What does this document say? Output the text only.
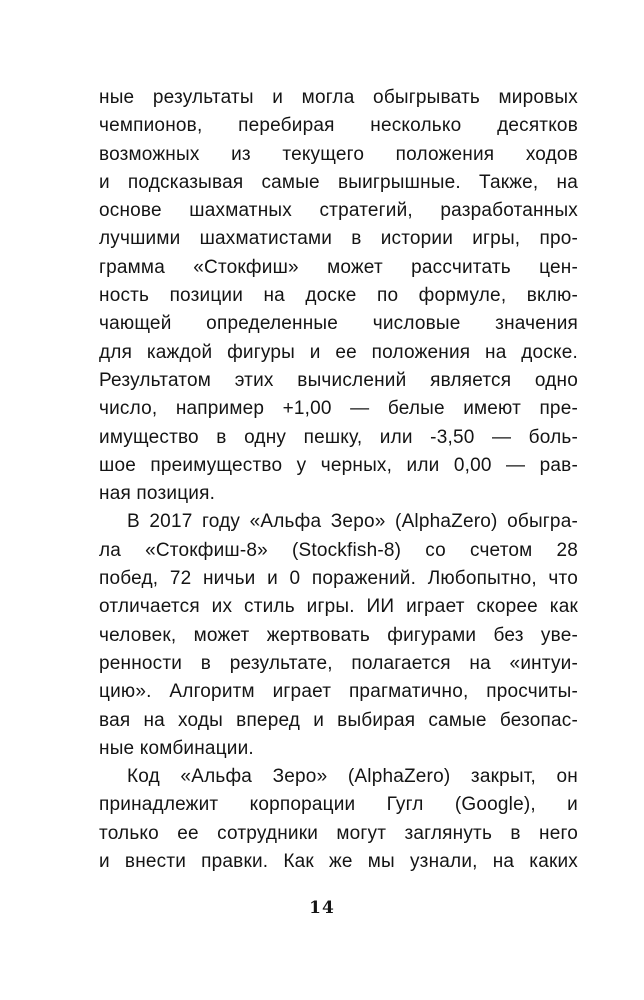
ные результаты и могла обыгрывать мировых
чемпионов, перебирая несколько десятков
возможных из текущего положения ходов
и подсказывая самые выигрышные. Также, на
основе шахматных стратегий, разработанных
лучшими шахматистами в истории игры, про-
грамма «Стокфиш» может рассчитать цен-
ность позиции на доске по формуле, вклю-
чающей определенные числовые значения
для каждой фигуры и ее положения на доске.
Результатом этих вычислений является одно
число, например +1,00 — белые имеют пре-
имущество в одну пешку, или -3,50 — боль-
шое преимущество у черных, или 0,00 — рав-
ная позиция.
В 2017 году «Альфа Зеро» (AlphaZero) обыгра-
ла «Стокфиш-8» (Stockfish-8) со счетом 28
побед, 72 ничьи и 0 поражений. Любопытно, что
отличается их стиль игры. ИИ играет скорее как
человек, может жертвовать фигурами без уве-
ренности в результате, полагается на «интуи-
цию». Алгоритм играет прагматично, просчиты-
вая на ходы вперед и выбирая самые безопас-
ные комбинации.
Код «Альфа Зеро» (AlphaZero) закрыт, он
принадлежит корпорации Гугл (Google), и
только ее сотрудники могут заглянуть в него
и внести правки. Как же мы узнали, на каких
14
